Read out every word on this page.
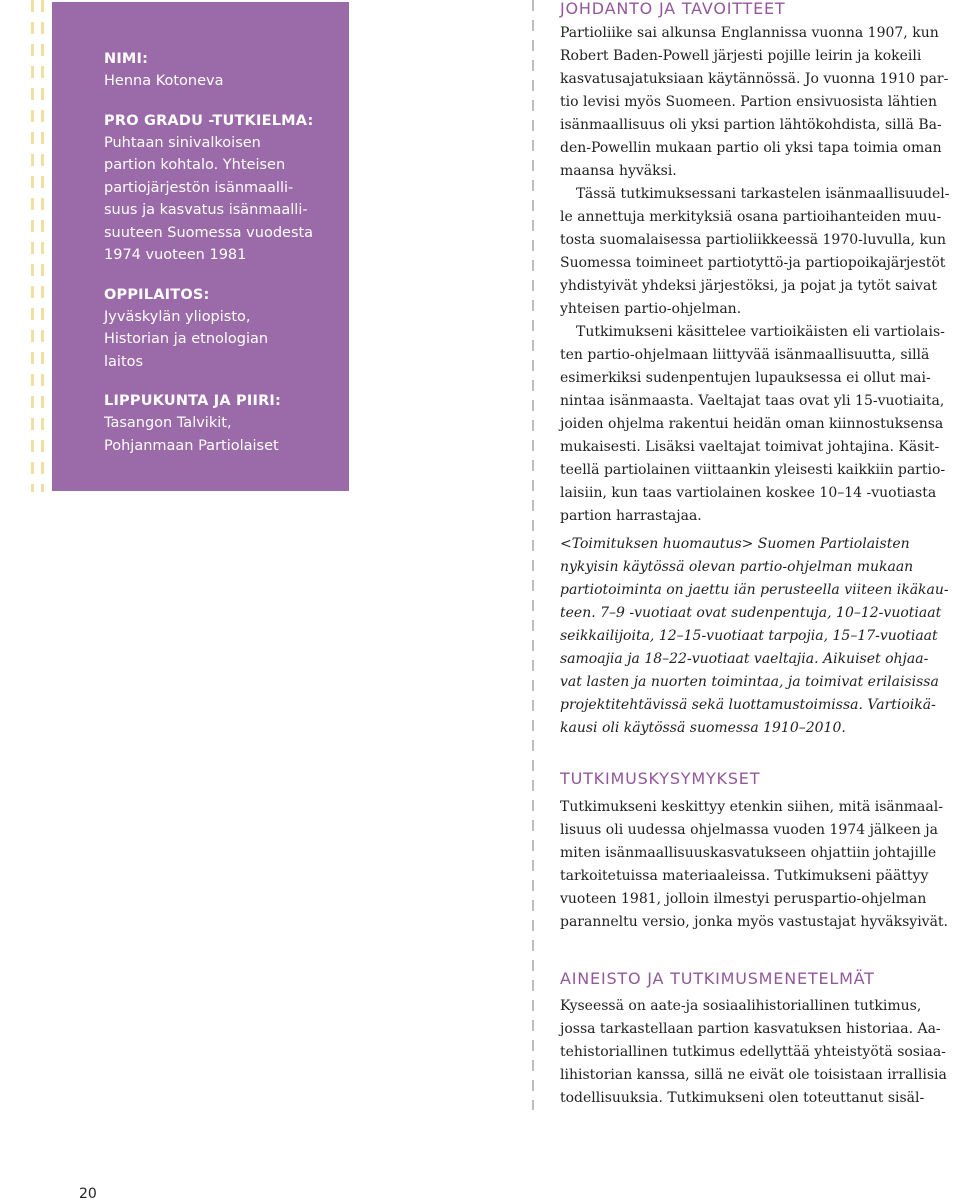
NIMI:
Henna Kotoneva
PRO GRADU -TUTKIELMA:
Puhtaan sinivalkoisen
partion kohtalo. Yhteisen
partiojärjestön isänmaalli-
suus ja kasvatus isänmaalli-
suuteen Suomessa vuodesta
1974 vuoteen 1981
OPPILAITOS:
Jyväskylän yliopisto,
Historian ja etnologian
laitos
LIPPUKUNTA JA PIIRI:
Tasangon Talvikit,
Pohjanmaan Partiolaiset
JOHDANTO JA TAVOITTEET

Partioliike sai alkunsa Englannissa vuonna 1907, kun
Robert Baden-Powell järjesti pojille leirin ja kokeili
kasvatusajatuksiaan käytännössä. Jo vuonna 1910 par-
tio levisi myös Suomeen. Partion ensivuosista lähtien
isänmaallisuus oli yksi partion lähtökohdista, sillä Ba-
den-Powellin mukaan partio oli yksi tapa toimia oman
maansa hyväksi.

Tässä tutkimuksessani tarkastelen isänmaallisuudel-
le annettuja merkityksiä osana partioihanteiden muu-
tosta suomalaisessa partioliikkeessä 1970-luvulla, kun
Suomessa toimineet partiotyttö-ja partiopoikajärjestöt
yhdistyivät yhdeksi järjestöksi, ja pojat ja tytöt saivat
yhteisen partio-ohjelman.

Tutkimukseni käsittelee vartioikäisten eli vartiolais-
ten partio-ohjelmaan liittyvää isänmaallisuutta, sillä
esimerkiksi sudenpentujen lupauksessa ei ollut mai-
nintaa isänmaasta. Vaeltajat taas ovat yli 15-vuotiaita,
joiden ohjelma rakentui heidän oman kiinnostuksensa
mukaisesti. Lisäksi vaeltajat toimivat johtajina. Käsit-
teellä partiolainen viittaankin yleisesti kaikkiin partio-
laisiin, kun taas vartiolainen koskee 10–14 -vuotiasta
partion harrastajaa.

<Toimituksen huomautus> Suomen Partiolaisten
nykyisin käytössä olevan partio-ohjelman mukaan
partiotoiminta on jaettu iän perusteella viiteen ikäkau-
teen. 7–9 -vuotiaat ovat sudenpentuja, 10–12-vuotiaat
seikkailijoita, 12–15-vuotiaat tarpojia, 15–17-vuotiaat
samoajia ja 18–22-vuotiaat vaeltajia. Aikuiset ohjaa-
vat lasten ja nuorten toimintaa, ja toimivat erilaisissa
projektitehtävissä sekä luottamustoimissa. Vartioikä-
kausi oli käytössä suomessa 1910–2010.

TUTKIMUSKYSYMYKSET

Tutkimukseni keskittyy etenkin siihen, mitä isänmaal-
lisuus oli uudessa ohjelmassa vuoden 1974 jälkeen ja
miten isänmaallisuuskasvatukseen ohjattiin johtajille
tarkoitetuissa materiaaleissa. Tutkimukseni päättyy
vuoteen 1981, jolloin ilmestyi peruspartio-ohjelman
paranneltu versio, jonka myös vastustajat hyväksyivät.

AINEISTO JA TUTKIMUSMENETELMÄT

Kyseessä on aate-ja sosiaalihistoriallinen tutkimus,
jossa tarkastellaan partion kasvatuksen historiaa. Aa-
tehistoriallinen tutkimus edellyttää yhteistyötä sosiaa-
lihistorian kanssa, sillä ne eivät ole toisistaan irrallisia
todellisuuksia. Tutkimukseni olen toteuttanut sisäl-

20
